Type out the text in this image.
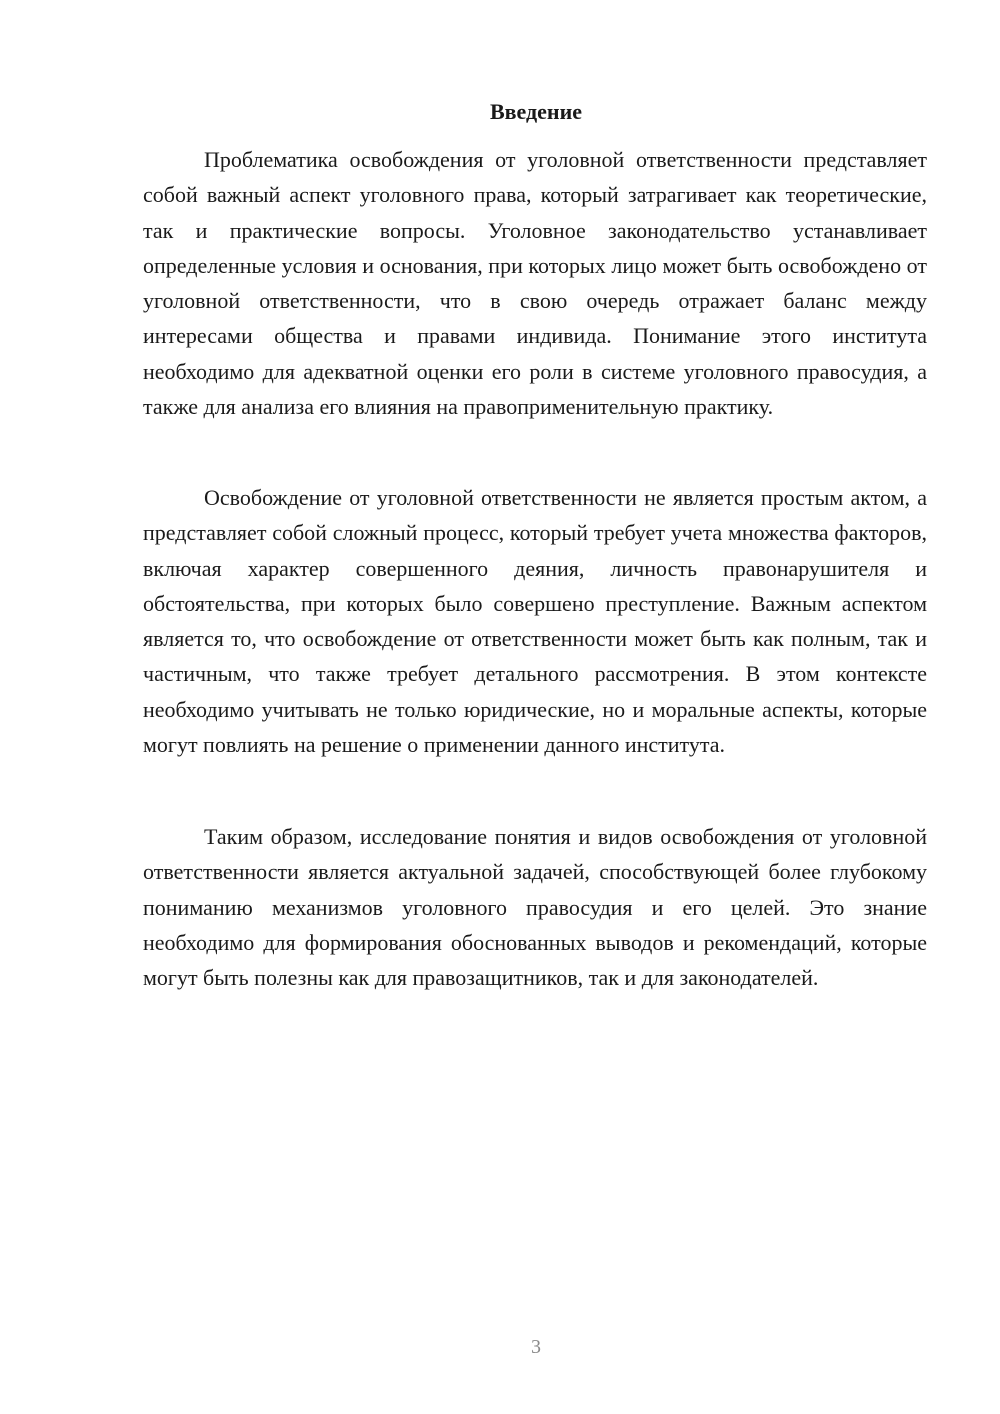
Введение

Проблематика освобождения от уголовной ответственности представляет собой важный аспект уголовного права, который затрагивает как теоретические, так и практические вопросы. Уголовное законодательство устанавливает определенные условия и основания, при которых лицо может быть освобождено от уголовной ответственности, что в свою очередь отражает баланс между интересами общества и правами индивида. Понимание этого института необходимо для адекватной оценки его роли в системе уголовного правосудия, а также для анализа его влияния на правоприменительную практику.

Освобождение от уголовной ответственности не является простым актом, а представляет собой сложный процесс, который требует учета множества факторов, включая характер совершенного деяния, личность правонарушителя и обстоятельства, при которых было совершено преступление. Важным аспектом является то, что освобождение от ответственности может быть как полным, так и частичным, что также требует детального рассмотрения. В этом контексте необходимо учитывать не только юридические, но и моральные аспекты, которые могут повлиять на решение о применении данного института.

Таким образом, исследование понятия и видов освобождения от уголовной ответственности является актуальной задачей, способствующей более глубокому пониманию механизмов уголовного правосудия и его целей. Это знание необходимо для формирования обоснованных выводов и рекомендаций, которые могут быть полезны как для правозащитников, так и для законодателей.

3
